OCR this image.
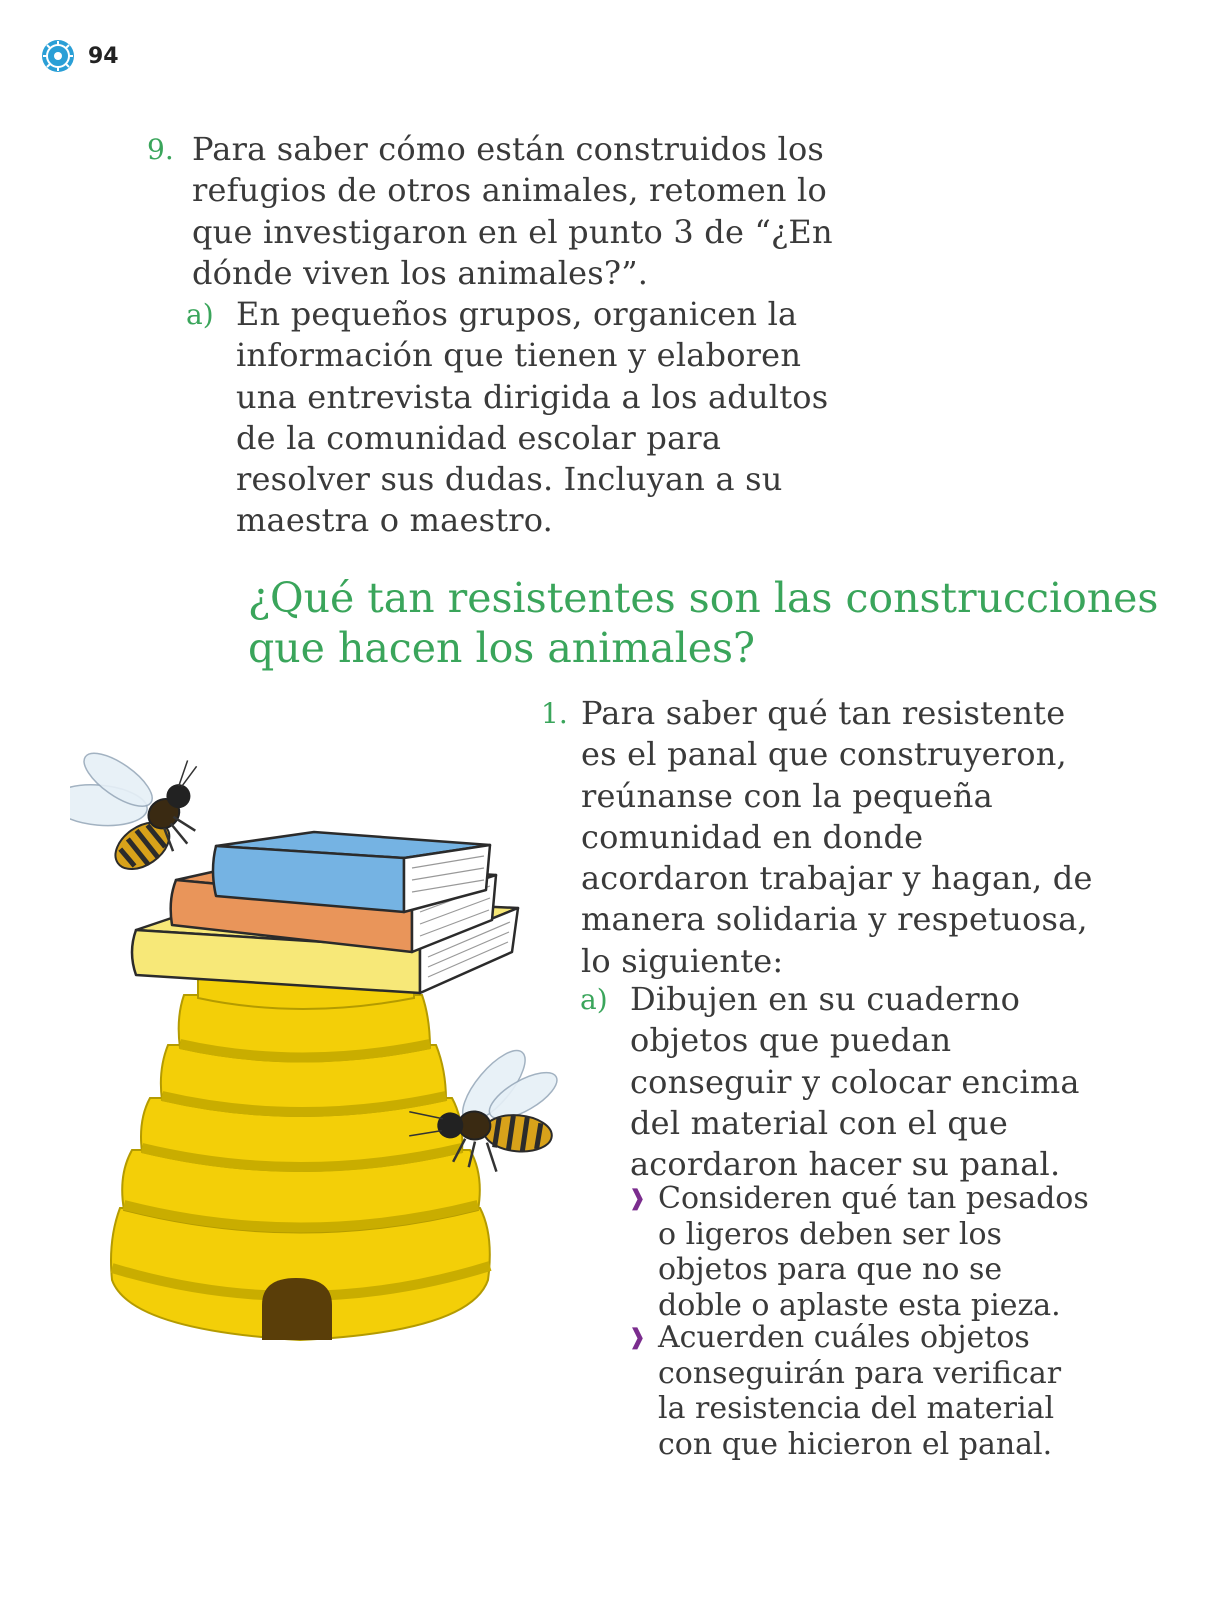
94
9. Para saber cómo están construidos los
refugios de otros animales, retomen lo
que investigaron en el punto 3 de “¿En
dónde viven los animales?”.
a) En pequeños grupos, organicen la
información que tienen y elaboren
una entrevista dirigida a los adultos
de la comunidad escolar para
resolver sus dudas. Incluyan a su
maestra o maestro.
¿Qué tan resistentes son las construcciones
que hacen los animales?
1. Para saber qué tan resistente
es el panal que construyeron,
reúnanse con la pequeña
comunidad en donde
acordaron trabajar y hagan, de
manera solidaria y respetuosa,
lo siguiente:
a) Dibujen en su cuaderno
objetos que puedan
conseguir y colocar encima
del material con el que
acordaron hacer su panal.
❱ Consideren qué tan pesados
o ligeros deben ser los
objetos para que no se
doble o aplaste esta pieza.
❱ Acuerden cuáles objetos
conseguirán para verificar
la resistencia del material
con que hicieron el panal.
